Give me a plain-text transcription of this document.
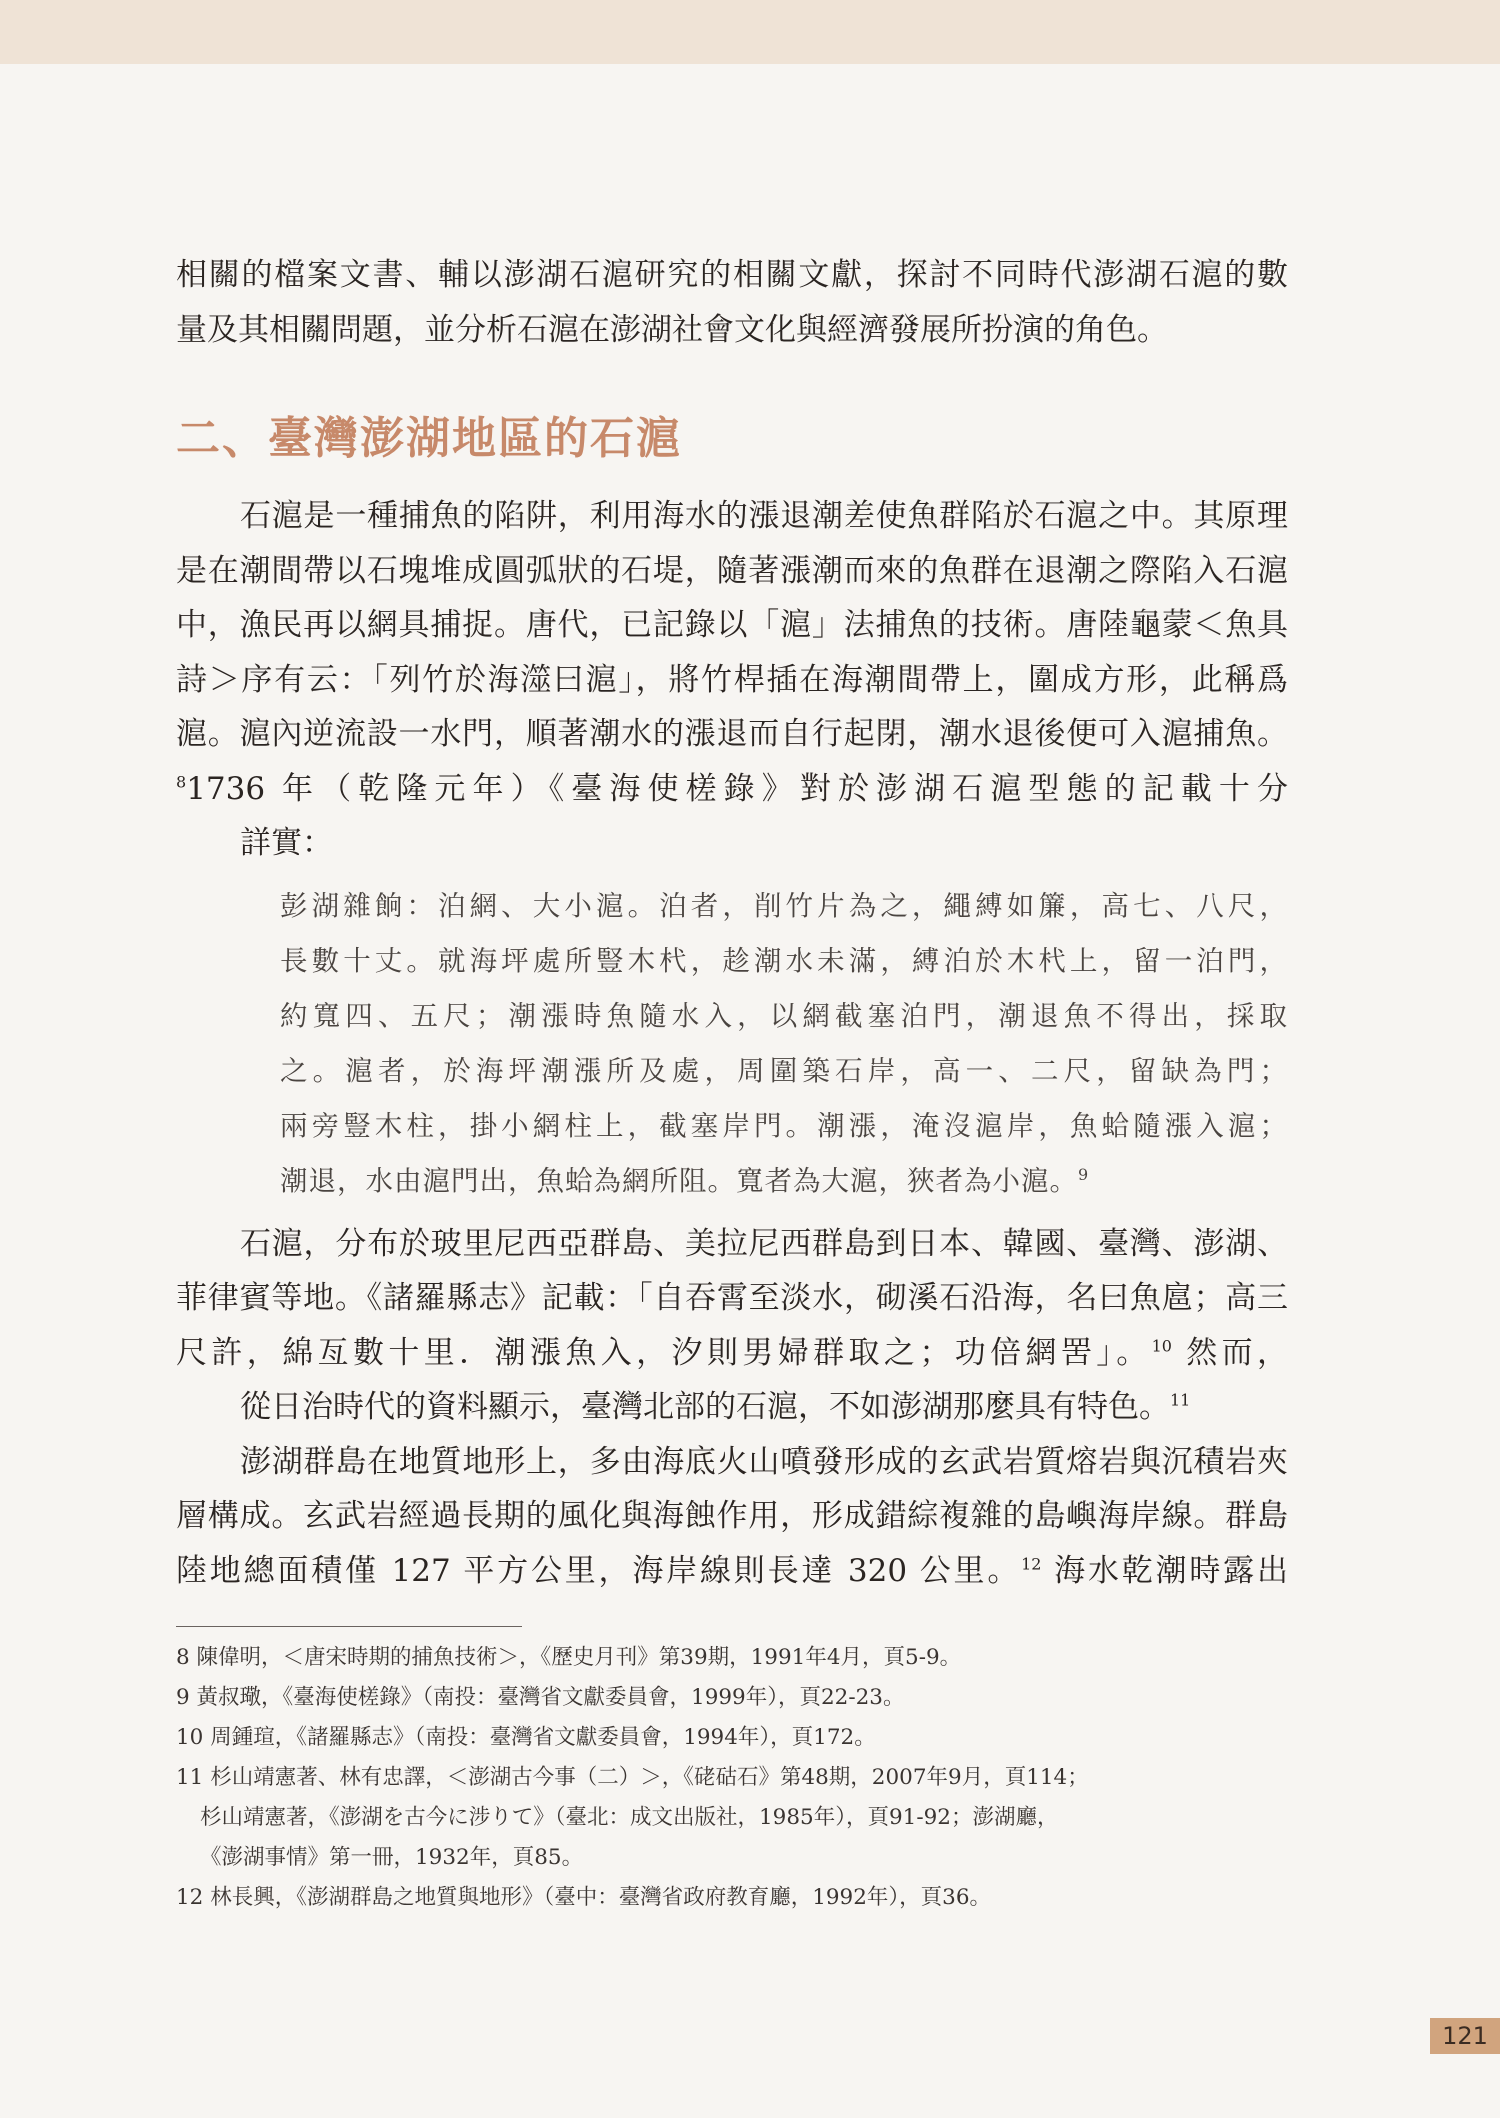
相關的檔案文書、輔以澎湖石滬研究的相關文獻，探討不同時代澎湖石滬的數
量及其相關問題，並分析石滬在澎湖社會文化與經濟發展所扮演的角色。

二、臺灣澎湖地區的石滬

石滬是一種捕魚的陷阱，利用海水的漲退潮差使魚群陷於石滬之中。其原理是在潮間帶以石塊堆成圓弧狀的石堤，隨著漲潮而來的魚群在退潮之際陷入石滬中，漁民再以網具捕捉。唐代，已記錄以「滬」法捕魚的技術。唐陸龜蒙＜魚具詩＞序有云：「列竹於海澨曰滬」，將竹桿插在海潮間帶上，圍成方形，此稱爲滬。滬內逆流設一水門，順著潮水的漲退而自行起閉，潮水退後便可入滬捕魚。$^8$1736 年（乾隆元年）《臺海使槎錄》對於澎湖石滬型態的記載十分
詳實：

彭湖雜餉：泊網、大小滬。泊者，削竹片為之，繩縛如簾，高七、八尺，
長數十丈。就海坪處所豎木杙，趁潮水未滿，縛泊於木杙上，留一泊門，
約寬四、五尺；潮漲時魚隨水入，以網截塞泊門，潮退魚不得出，採取
之。滬者，於海坪潮漲所及處，周圍築石岸，高一、二尺，留缺為門；
兩旁豎木柱，掛小網柱上，截塞岸門。潮漲，淹沒滬岸，魚蛤隨漲入滬；
潮退，水由滬門出，魚蛤為網所阻。寬者為大滬，狹者為小滬。$^9$

石滬，分布於玻里尼西亞群島、美拉尼西群島到日本、韓國、臺灣、澎湖、菲律賓等地。《諸羅縣志》記載：「自吞霄至淡水，砌溪石沿海，名曰魚扈；高三尺許，綿亙數十里．潮漲魚入，汐則男婦群取之；功倍網罟」。$^{10}$ 然而，
從日治時代的資料顯示，臺灣北部的石滬，不如澎湖那麼具有特色。$^{11}$

澎湖群島在地質地形上，多由海底火山噴發形成的玄武岩質熔岩與沉積岩夾層構成。玄武岩經過長期的風化與海蝕作用，形成錯綜複雜的島嶼海岸線。群島陸地總面積僅 127 平方公里，海岸線則長達 320 公里。$^{12}$ 海水乾潮時露出

8 陳偉明，＜唐宋時期的捕魚技術＞，《歷史月刊》第39期，1991年4月，頁5-9。

9 黃叔璥，《臺海使槎錄》（南投：臺灣省文獻委員會，1999年），頁22-23。

10 周鍾瑄，《諸羅縣志》（南投：臺灣省文獻委員會，1994年），頁172。

11 杉山靖憲著、林有忠譯，＜澎湖古今事（二）＞，《硓𥑮石》第48期，2007年9月，頁114；

杉山靖憲著，《澎湖を古今に涉りて》（臺北：成文出版社，1985年），頁91-92；澎湖廳，

《澎湖事情》第一冊，1932年，頁85。

12 林長興，《澎湖群島之地質與地形》（臺中：臺灣省政府教育廳，1992年），頁36。

121
